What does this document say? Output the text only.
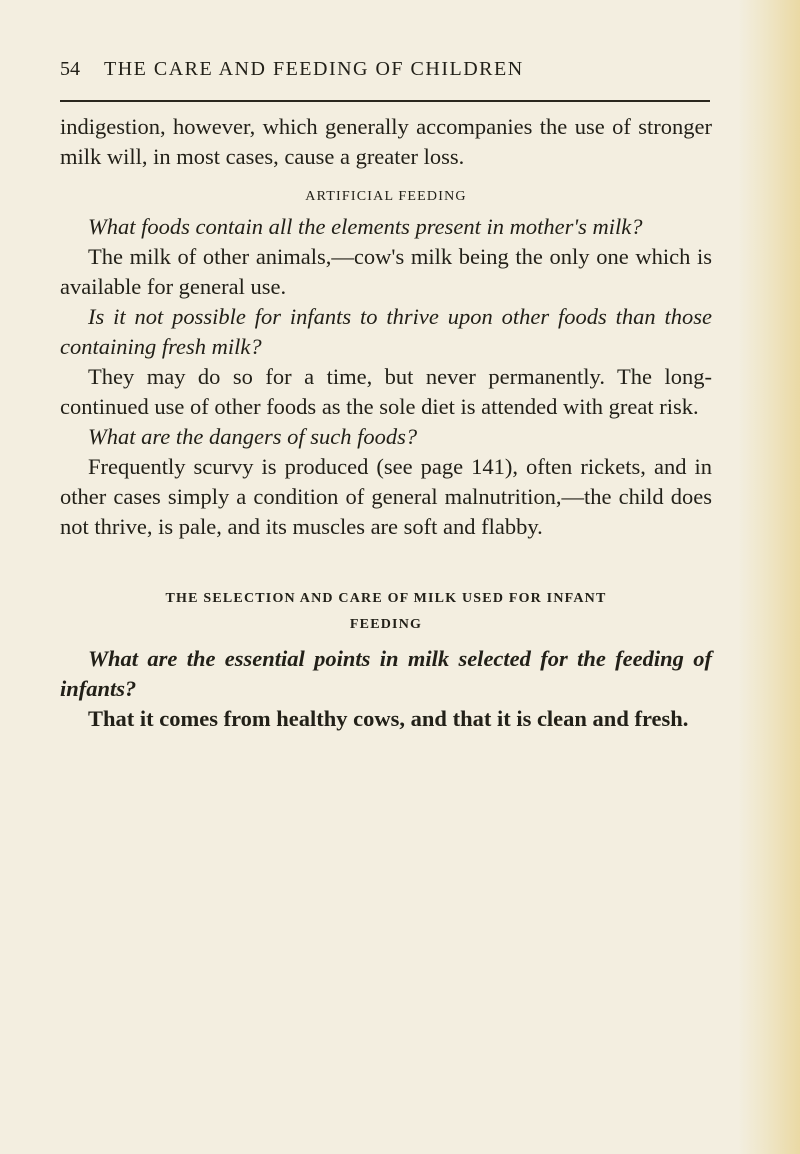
54	THE CARE AND FEEDING OF CHILDREN

indigestion, however, which generally accompanies the use of stronger milk will, in most cases, cause a greater loss.

ARTIFICIAL FEEDING

What foods contain all the elements present in mother's milk?

The milk of other animals,—cow's milk being the only one which is available for general use.

Is it not possible for infants to thrive upon other foods than those containing fresh milk?

They may do so for a time, but never permanently. The long-continued use of other foods as the sole diet is attended with great risk.

What are the dangers of such foods?

Frequently scurvy is produced (see page 141), often rickets, and in other cases simply a condition of general malnutrition,—the child does not thrive, is pale, and its muscles are soft and flabby.

THE SELECTION AND CARE OF MILK USED FOR INFANT
FEEDING

What are the essential points in milk selected for the feeding of infants?

That it comes from healthy cows, and that it is clean and fresh.
